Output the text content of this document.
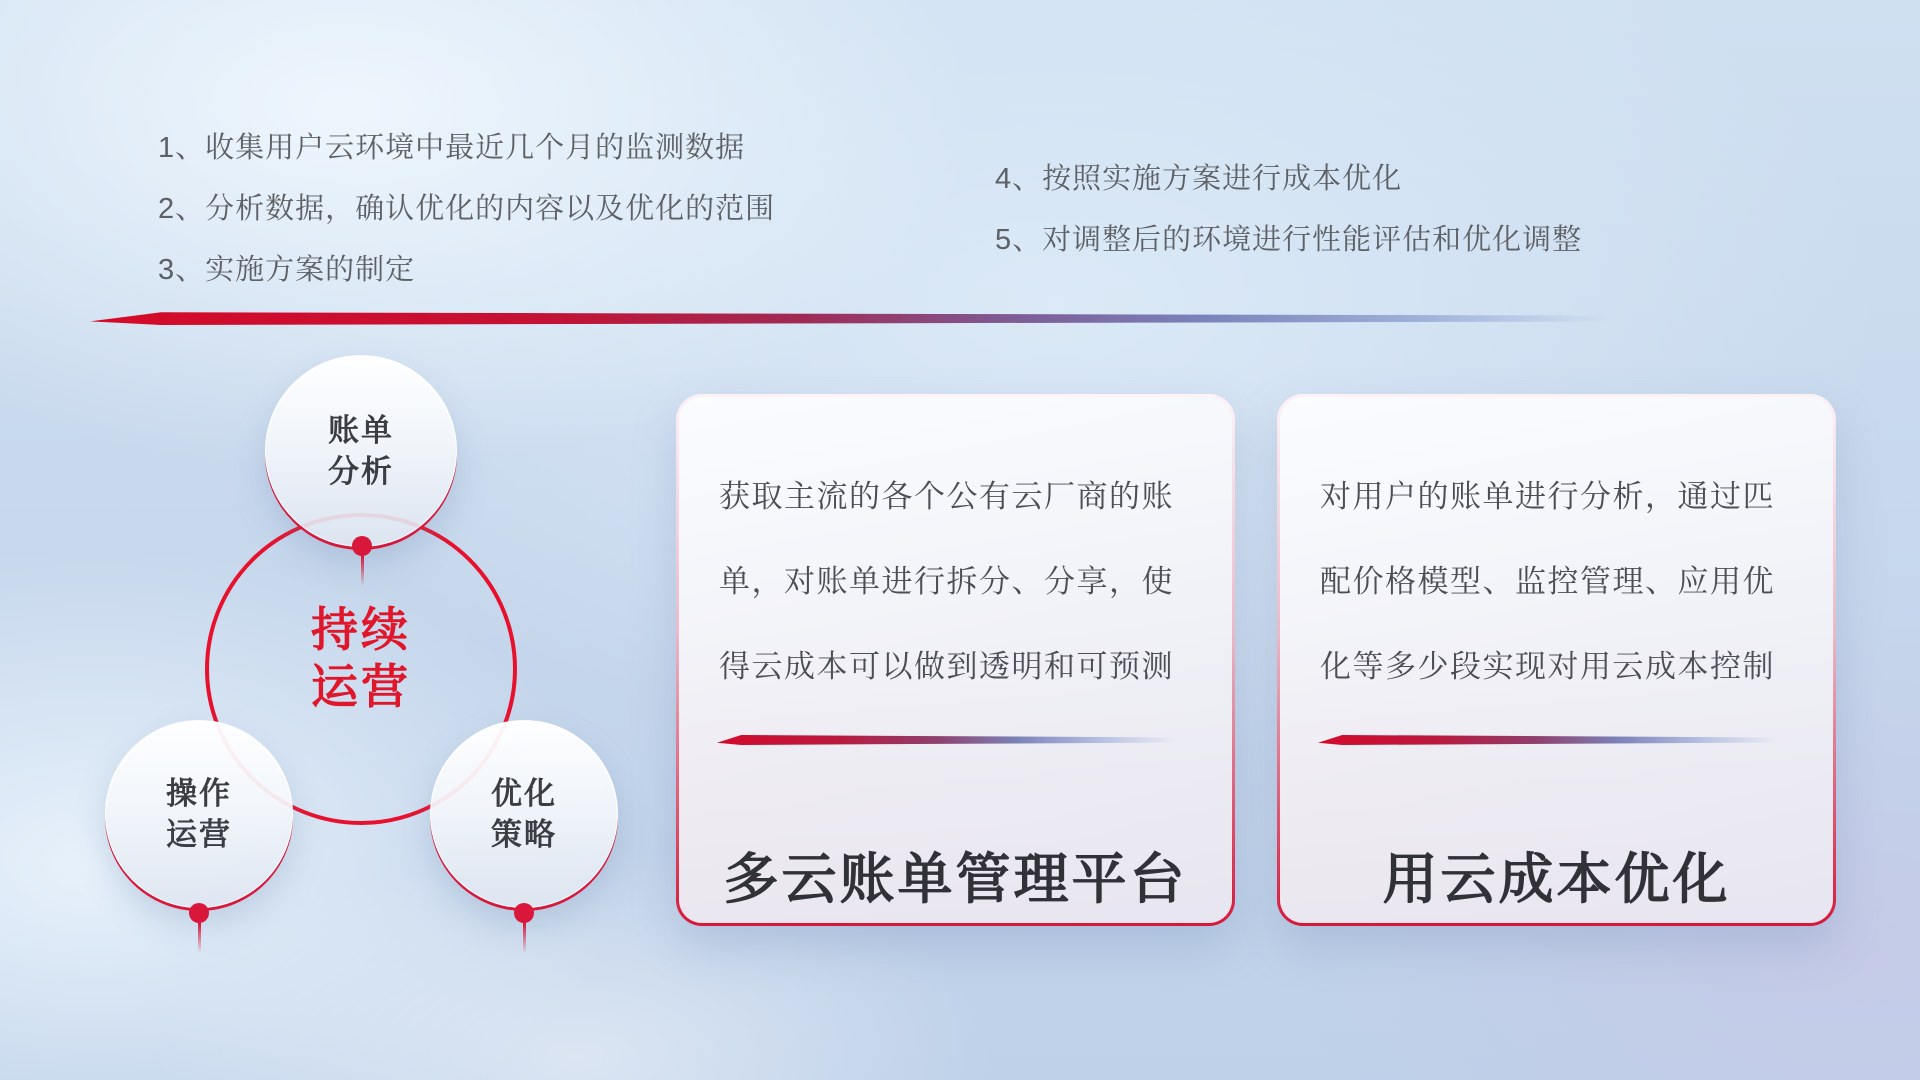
1、收集用户云环境中最近几个月的监测数据
2、分析数据，确认优化的内容以及优化的范围
3、实施方案的制定
4、按照实施方案进行成本优化
5、对调整后的环境进行性能评估和优化调整
持续
运营
账单
分析
操作
运营
优化
策略
获取主流的各个公有云厂商的账
单，对账单进行拆分、分享，使
得云成本可以做到透明和可预测
多云账单管理平台
对用户的账单进行分析，通过匹
配价格模型、监控管理、应用优
化等多少段实现对用云成本控制
用云成本优化
